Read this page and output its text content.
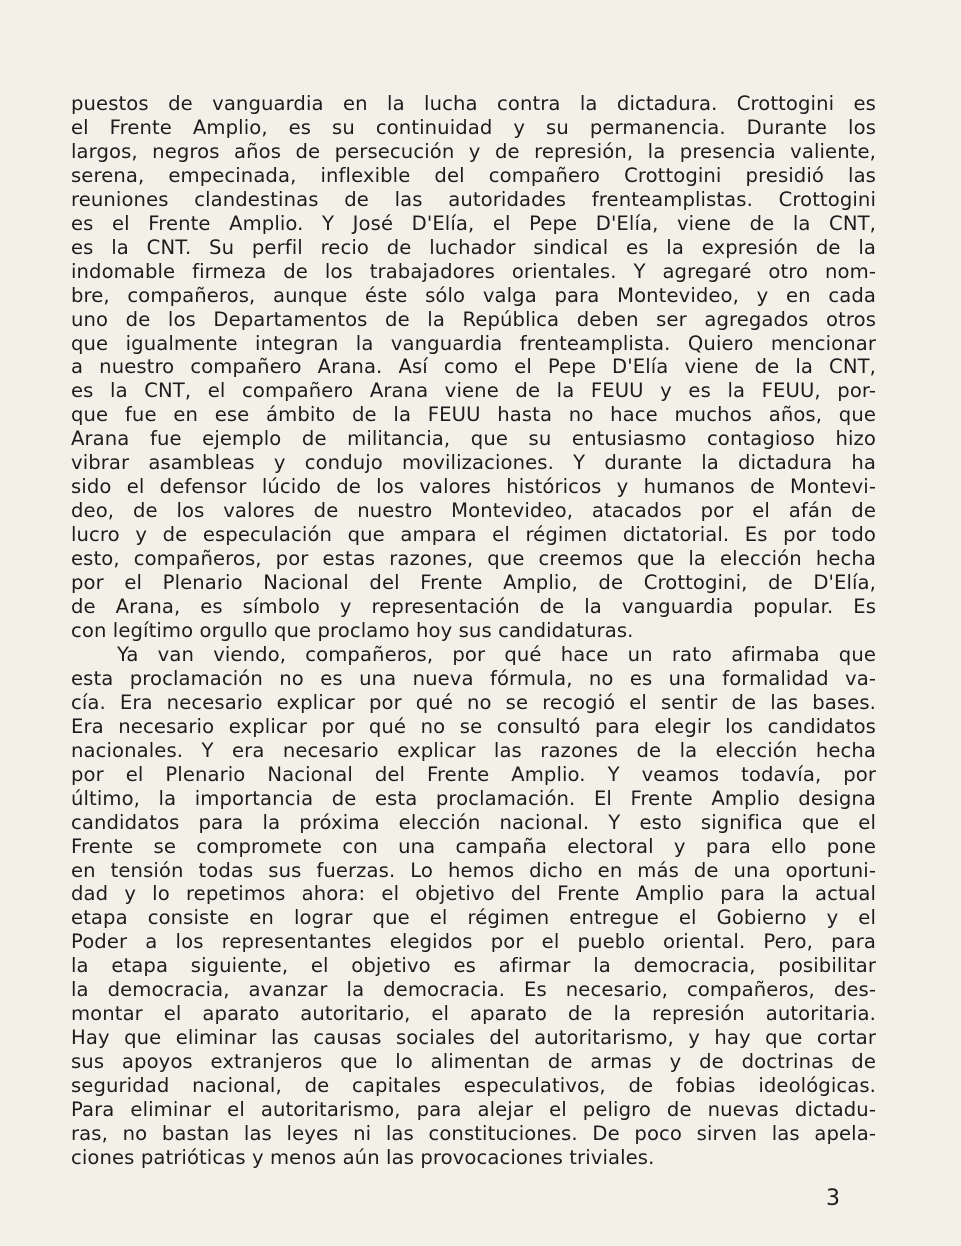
puestos de vanguardia en la lucha contra la dictadura. Crottogini es
el Frente Amplio, es su continuidad y su permanencia. Durante los
largos, negros años de persecución y de represión, la presencia valiente,
serena, empecinada, inflexible del compañero Crottogini presidió las
reuniones clandestinas de las autoridades frenteamplistas. Crottogini
es el Frente Amplio. Y José D'Elía, el Pepe D'Elía, viene de la CNT,
es la CNT. Su perfil recio de luchador sindical es la expresión de la
indomable firmeza de los trabajadores orientales. Y agregaré otro nom-
bre, compañeros, aunque éste sólo valga para Montevideo, y en cada
uno de los Departamentos de la República deben ser agregados otros
que igualmente integran la vanguardia frenteamplista. Quiero mencionar
a nuestro compañero Arana. Así como el Pepe D'Elía viene de la CNT,
es la CNT, el compañero Arana viene de la FEUU y es la FEUU, por-
que fue en ese ámbito de la FEUU hasta no hace muchos años, que
Arana fue ejemplo de militancia, que su entusiasmo contagioso hizo
vibrar asambleas y condujo movilizaciones. Y durante la dictadura ha
sido el defensor lúcido de los valores históricos y humanos de Montevi-
deo, de los valores de nuestro Montevideo, atacados por el afán de
lucro y de especulación que ampara el régimen dictatorial. Es por todo
esto, compañeros, por estas razones, que creemos que la elección hecha
por el Plenario Nacional del Frente Amplio, de Crottogini, de D'Elía,
de Arana, es símbolo y representación de la vanguardia popular. Es
con legítimo orgullo que proclamo hoy sus candidaturas.
Ya van viendo, compañeros, por qué hace un rato afirmaba que
esta proclamación no es una nueva fórmula, no es una formalidad va-
cía. Era necesario explicar por qué no se recogió el sentir de las bases.
Era necesario explicar por qué no se consultó para elegir los candidatos
nacionales. Y era necesario explicar las razones de la elección hecha
por el Plenario Nacional del Frente Amplio. Y veamos todavía, por
último, la importancia de esta proclamación. El Frente Amplio designa
candidatos para la próxima elección nacional. Y esto significa que el
Frente se compromete con una campaña electoral y para ello pone
en tensión todas sus fuerzas. Lo hemos dicho en más de una oportuni-
dad y lo repetimos ahora: el objetivo del Frente Amplio para la actual
etapa consiste en lograr que el régimen entregue el Gobierno y el
Poder a los representantes elegidos por el pueblo oriental. Pero, para
la etapa siguiente, el objetivo es afirmar la democracia, posibilitar
la democracia, avanzar la democracia. Es necesario, compañeros, des-
montar el aparato autoritario, el aparato de la represión autoritaria.
Hay que eliminar las causas sociales del autoritarismo, y hay que cortar
sus apoyos extranjeros que lo alimentan de armas y de doctrinas de
seguridad nacional, de capitales especulativos, de fobias ideológicas.
Para eliminar el autoritarismo, para alejar el peligro de nuevas dictadu-
ras, no bastan las leyes ni las constituciones. De poco sirven las apela-
ciones patrióticas y menos aún las provocaciones triviales.
3
